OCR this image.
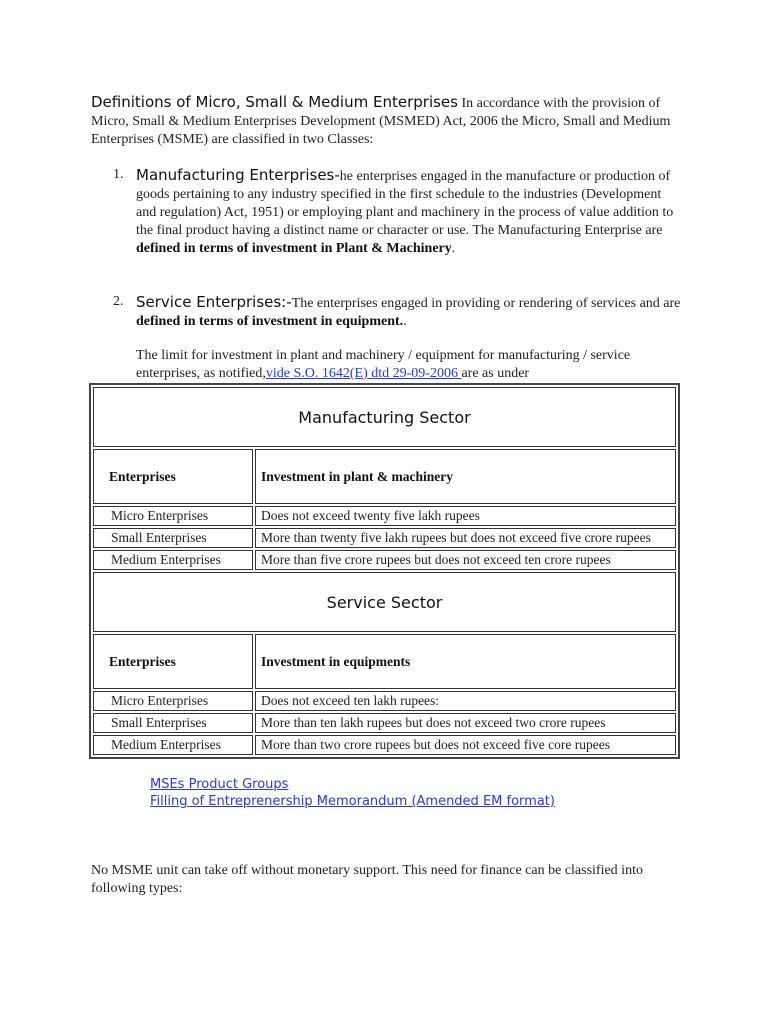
Definitions of Micro, Small & Medium Enterprises In accordance with the provision of Micro, Small & Medium Enterprises Development (MSMED) Act, 2006 the Micro, Small and Medium Enterprises (MSME) are classified in two Classes:

1. Manufacturing Enterprises-he enterprises engaged in the manufacture or production of goods pertaining to any industry specified in the first schedule to the industries (Development and regulation) Act, 1951) or employing plant and machinery in the process of value addition to the final product having a distinct name or character or use. The Manufacturing Enterprise are defined in terms of investment in Plant & Machinery.
2. Service Enterprises:-The enterprises engaged in providing or rendering of services and are defined in terms of investment in equipment..

The limit for investment in plant and machinery / equipment for manufacturing / service enterprises, as notified,vide S.O. 1642(E) dtd 29-09-2006 are as under

Manufacturing Sector	
Enterprises	Investment in plant & machinery
Micro Enterprises	Does not exceed twenty five lakh rupees
Small Enterprises	More than twenty five lakh rupees but does not exceed five crore rupees
Medium Enterprises	More than five crore rupees but does not exceed ten crore rupees
Service Sector	
Enterprises	Investment in equipments
Micro Enterprises	Does not exceed ten lakh rupees:
Small Enterprises	More than ten lakh rupees but does not exceed two crore rupees
Medium Enterprises	More than two crore rupees but does not exceed five core rupees
MSEs Product Groups
Filling of Entreprenership Memorandum (Amended EM format)

No MSME unit can take off without monetary support. This need for finance can be classified into following types:
